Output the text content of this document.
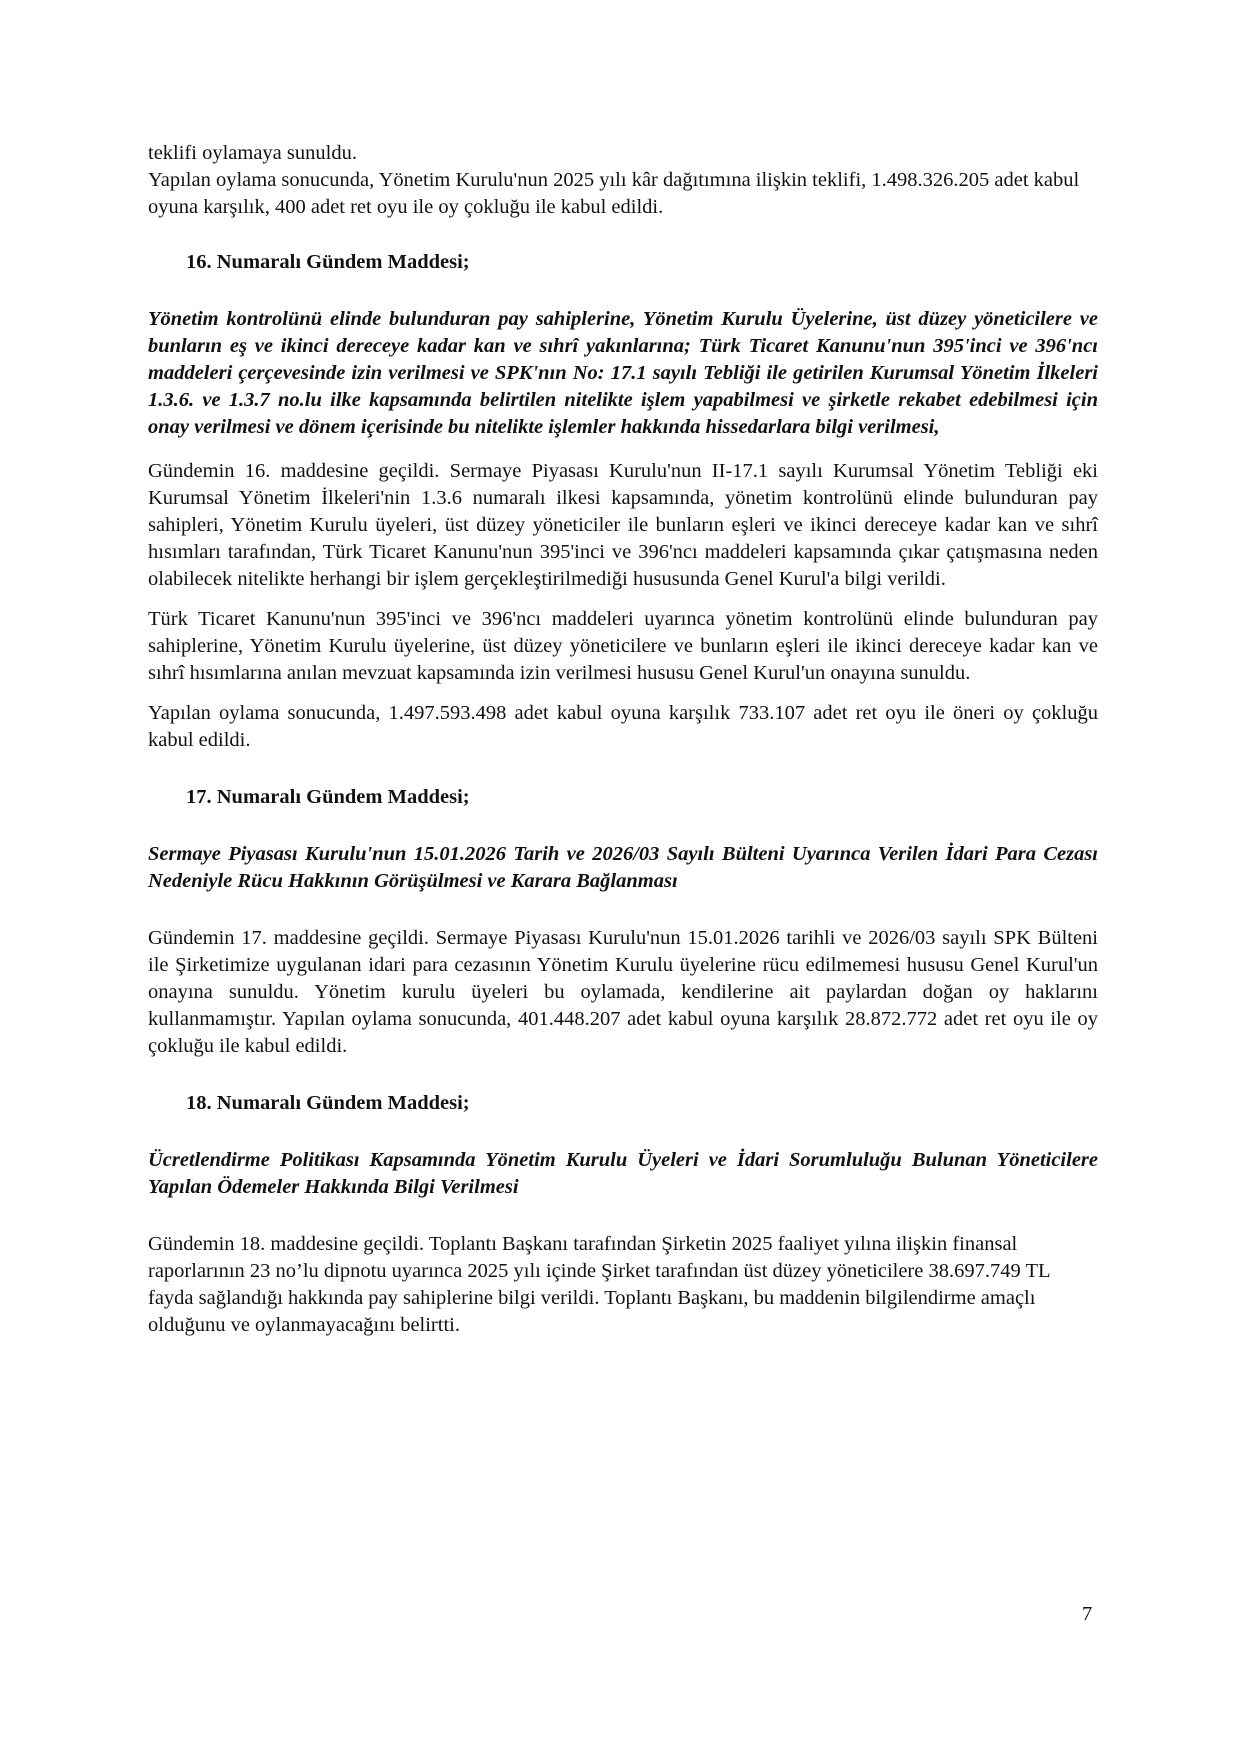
teklifi oylamaya sunuldu.

Yapılan oylama sonucunda, Yönetim Kurulu'nun 2025 yılı kâr dağıtımına ilişkin teklifi, 1.498.326.205 adet kabul oyuna karşılık, 400 adet ret oyu ile oy çokluğu ile kabul edildi.

16. Numaralı Gündem Maddesi;

Yönetim kontrolünü elinde bulunduran pay sahiplerine, Yönetim Kurulu Üyelerine, üst düzey yöneticilere ve bunların eş ve ikinci dereceye kadar kan ve sıhrî yakınlarına; Türk Ticaret Kanunu'nun 395'inci ve 396'ncı maddeleri çerçevesinde izin verilmesi ve SPK'nın No: 17.1 sayılı Tebliği ile getirilen Kurumsal Yönetim İlkeleri 1.3.6. ve 1.3.7 no.lu ilke kapsamında belirtilen nitelikte işlem yapabilmesi ve şirketle rekabet edebilmesi için onay verilmesi ve dönem içerisinde bu nitelikte işlemler hakkında hissedarlara bilgi verilmesi,

Gündemin 16. maddesine geçildi. Sermaye Piyasası Kurulu'nun II-17.1 sayılı Kurumsal Yönetim Tebliği eki Kurumsal Yönetim İlkeleri'nin 1.3.6 numaralı ilkesi kapsamında, yönetim kontrolünü elinde bulunduran pay sahipleri, Yönetim Kurulu üyeleri, üst düzey yöneticiler ile bunların eşleri ve ikinci dereceye kadar kan ve sıhrî hısımları tarafından, Türk Ticaret Kanunu'nun 395'inci ve 396'ncı maddeleri kapsamında çıkar çatışmasına neden olabilecek nitelikte herhangi bir işlem gerçekleştirilmediği hususunda Genel Kurul'a bilgi verildi.

Türk Ticaret Kanunu'nun 395'inci ve 396'ncı maddeleri uyarınca yönetim kontrolünü elinde bulunduran pay sahiplerine, Yönetim Kurulu üyelerine, üst düzey yöneticilere ve bunların eşleri ile ikinci dereceye kadar kan ve sıhrî hısımlarına anılan mevzuat kapsamında izin verilmesi hususu Genel Kurul'un onayına sunuldu.

Yapılan oylama sonucunda, 1.497.593.498 adet kabul oyuna karşılık 733.107 adet ret oyu ile öneri oy çokluğu kabul edildi.

17. Numaralı Gündem Maddesi;

Sermaye Piyasası Kurulu'nun 15.01.2026 Tarih ve 2026/03 Sayılı Bülteni Uyarınca Verilen İdari Para Cezası Nedeniyle Rücu Hakkının Görüşülmesi ve Karara Bağlanması

Gündemin 17. maddesine geçildi. Sermaye Piyasası Kurulu'nun 15.01.2026 tarihli ve 2026/03 sayılı SPK Bülteni ile Şirketimize uygulanan idari para cezasının Yönetim Kurulu üyelerine rücu edilmemesi hususu Genel Kurul'un onayına sunuldu. Yönetim kurulu üyeleri bu oylamada, kendilerine ait paylardan doğan oy haklarını kullanmamıştır. Yapılan oylama sonucunda, 401.448.207 adet kabul oyuna karşılık 28.872.772 adet ret oyu ile oy çokluğu ile kabul edildi.

18. Numaralı Gündem Maddesi;

Ücretlendirme Politikası Kapsamında Yönetim Kurulu Üyeleri ve İdari Sorumluluğu Bulunan Yöneticilere Yapılan Ödemeler Hakkında Bilgi Verilmesi

Gündemin 18. maddesine geçildi. Toplantı Başkanı tarafından Şirketin 2025 faaliyet yılına ilişkin finansal raporlarının 23 no’lu dipnotu uyarınca 2025 yılı içinde Şirket tarafından üst düzey yöneticilere 38.697.749 TL fayda sağlandığı hakkında pay sahiplerine bilgi verildi. Toplantı Başkanı, bu maddenin bilgilendirme amaçlı olduğunu ve oylanmayacağını belirtti.

7
